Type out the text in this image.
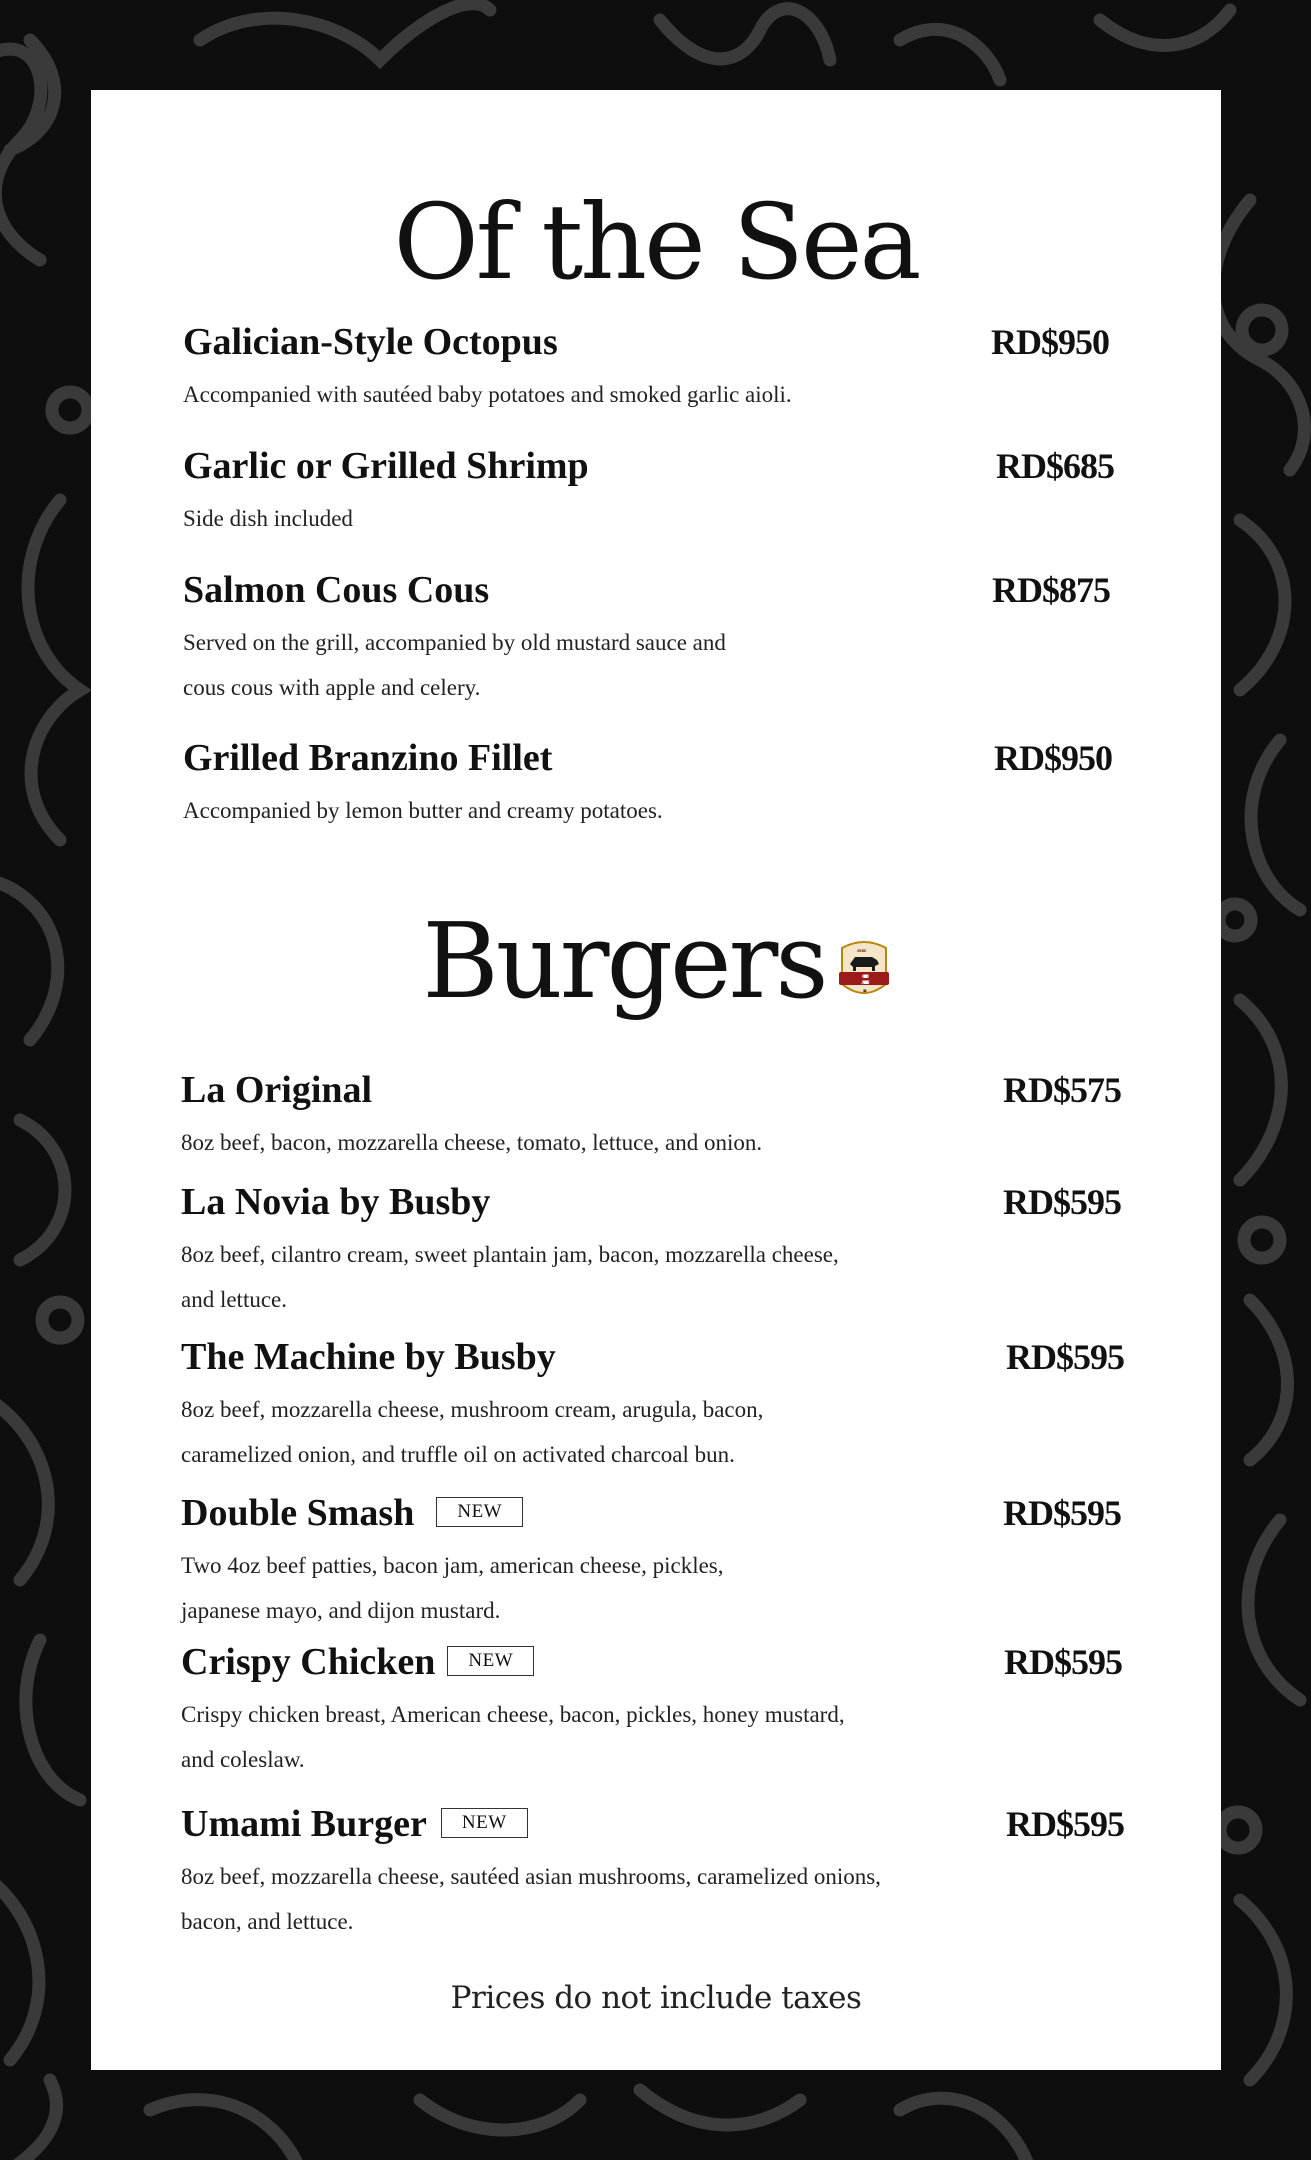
Of the Sea
Galician-Style Octopus	RD$950
Accompanied with sautéed baby potatoes and smoked garlic aioli.
Garlic or Grilled Shrimp	RD$685
Side dish included
Salmon Cous Cous	RD$875
Served on the grill, accompanied by old mustard sauce and
cous cous with apple and celery.
Grilled Branzino Fillet	RD$950
Accompanied by lemon butter and creamy potatoes.
Burgers	CERTIFIED
ANGUS BEEF
La Original	RD$575
8oz beef, bacon, mozzarella cheese, tomato, lettuce, and onion.
La Novia by Busby	RD$595
8oz beef, cilantro cream, sweet plantain jam, bacon, mozzarella cheese,
and lettuce.
The Machine by Busby	RD$595
8oz beef, mozzarella cheese, mushroom cream, arugula, bacon,
caramelized onion, and truffle oil on activated charcoal bun.
Double Smash NEW	RD$595
Two 4oz beef patties, bacon jam, american cheese, pickles,
japanese mayo, and dijon mustard.
Crispy Chicken NEW	RD$595
Crispy chicken breast, American cheese, bacon, pickles, honey mustard,
and coleslaw.
Umami Burger NEW	RD$595
8oz beef, mozzarella cheese, sautéed asian mushrooms, caramelized onions,
bacon, and lettuce.
Prices do not include taxes
